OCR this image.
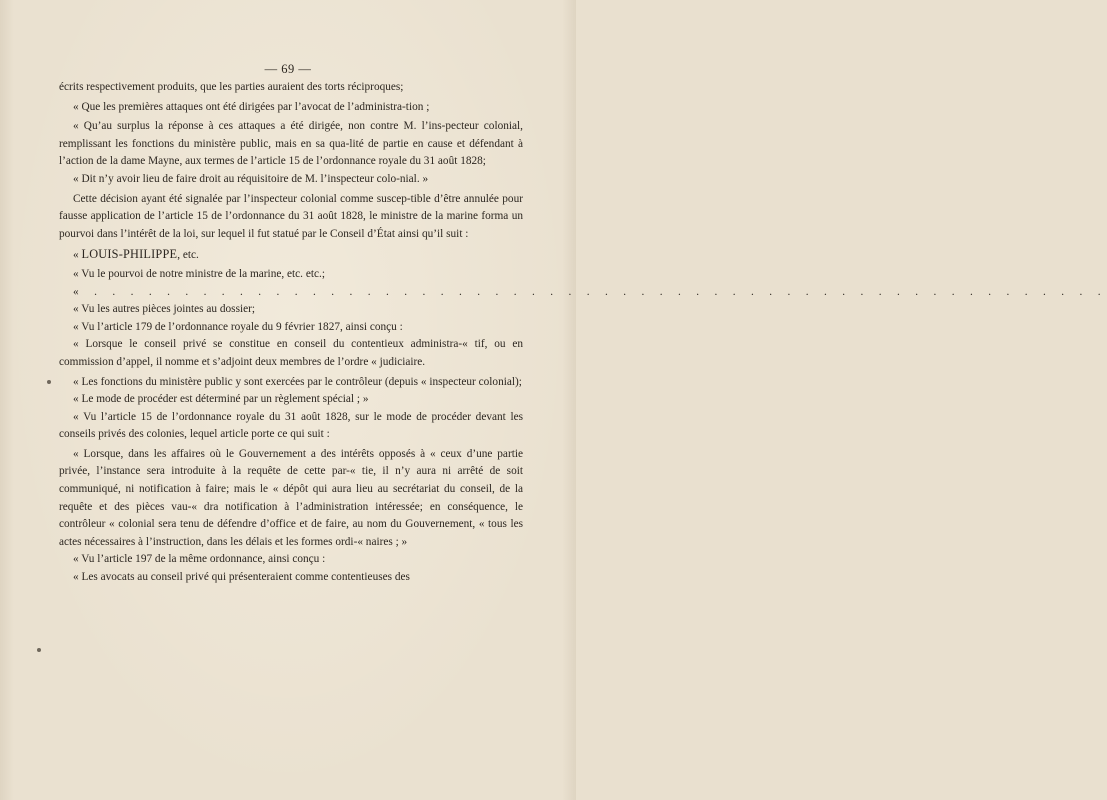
— 69 —

écrits respectivement produits, que les parties auraient des torts réciproques;

« Que les premières attaques ont été dirigées par l’avocat de l’administra-tion ;

« Qu’au surplus la réponse à ces attaques a été dirigée, non contre M. l’ins-pecteur colonial, remplissant les fonctions du ministère public, mais en sa qua-lité de partie en cause et défendant à l’action de la dame Mayne, aux termes de l’article 15 de l’ordonnance royale du 31 août 1828;

« Dit n’y avoir lieu de faire droit au réquisitoire de M. l’inspecteur colo-nial. »

Cette décision ayant été signalée par l’inspecteur colonial comme suscep-tible d’être annulée pour fausse application de l’article 15 de l’ordonnance du 31 août 1828, le ministre de la marine forma un pourvoi dans l’intérêt de la loi, sur lequel il fut statué par le Conseil d’État ainsi qu’il suit :

« LOUIS-PHILIPPE, etc.

« Vu le pourvoi de notre ministre de la marine, etc. etc.;

« . . . . . . . . . . . . . . . . . . . . . . . . . . . . . . . . . . . . . . . . . . . . . . . . . . . . . . . .

« Vu les autres pièces jointes au dossier;

« Vu l’article 179 de l’ordonnance royale du 9 février 1827, ainsi conçu :

« Lorsque le conseil privé se constitue en conseil du contentieux administra-« tif, ou en commission d’appel, il nomme et s’adjoint deux membres de l’ordre « judiciaire.

« Les fonctions du ministère public y sont exercées par le contrôleur (depuis « inspecteur colonial);

« Le mode de procéder est déterminé par un règlement spécial ; »

« Vu l’article 15 de l’ordonnance royale du 31 août 1828, sur le mode de procéder devant les conseils privés des colonies, lequel article porte ce qui suit :

« Lorsque, dans les affaires où le Gouvernement a des intérêts opposés à « ceux d’une partie privée, l’instance sera introduite à la requête de cette par-« tie, il n’y aura ni arrêté de soit communiqué, ni notification à faire; mais le « dépôt qui aura lieu au secrétariat du conseil, de la requête et des pièces vau-« dra notification à l’administration intéressée; en conséquence, le contrôleur « colonial sera tenu de défendre d’office et de faire, au nom du Gouvernement, « tous les actes nécessaires à l’instruction, dans les délais et les formes ordi-« naires ; »

« Vu l’article 197 de la même ordonnance, ainsi conçu :

« Les avocats au conseil privé qui présenteraient comme contentieuses des
